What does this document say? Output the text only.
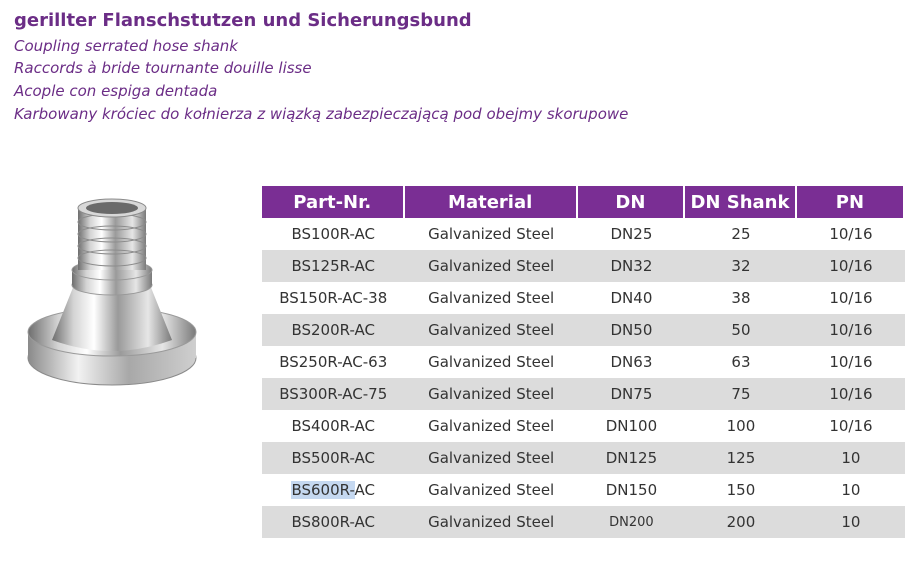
gerillter Flanschstutzen und Sicherungsbund
Coupling serrated hose shank
Raccords à bride tournante douille lisse
Acople con espiga dentada
Karbowany króciec do kołnierza z wiązką zabezpieczającą pod obejmy skorupowe
Part-Nr.	Material	DN	DN Shank	PN
BS100R-AC	Galvanized Steel	DN25	25	10/16
BS125R-AC	Galvanized Steel	DN32	32	10/16
BS150R-AC-38	Galvanized Steel	DN40	38	10/16
BS200R-AC	Galvanized Steel	DN50	50	10/16
BS250R-AC-63	Galvanized Steel	DN63	63	10/16
BS300R-AC-75	Galvanized Steel	DN75	75	10/16
BS400R-AC	Galvanized Steel	DN100	100	10/16
BS500R-AC	Galvanized Steel	DN125	125	10
BS600R-AC	Galvanized Steel	DN150	150	10
BS800R-AC	Galvanized Steel	DN200	200	10
